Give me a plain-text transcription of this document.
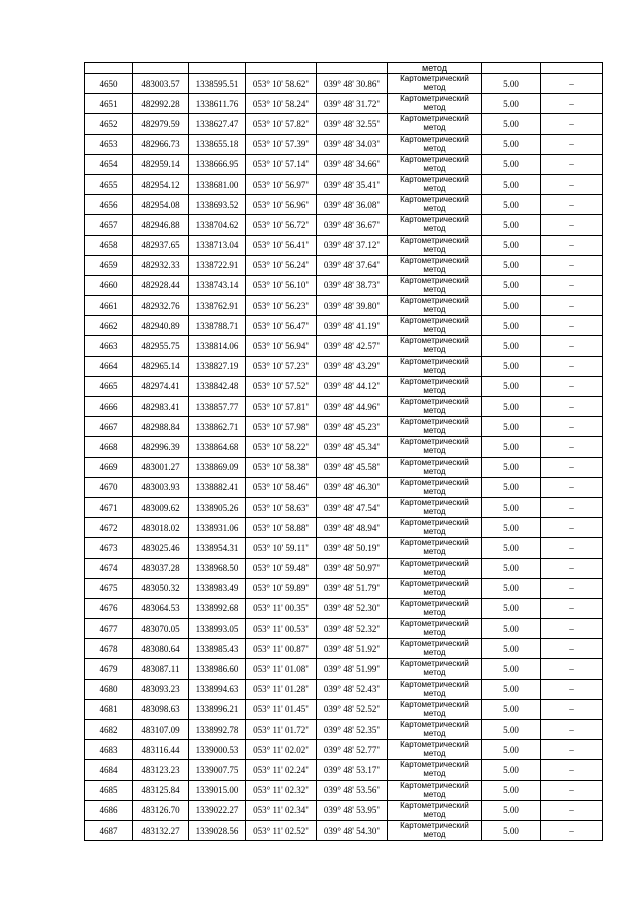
					метод		
4650	483003.57	1338595.51	053° 10' 58.62"	039° 48' 30.86"	Картометрический
метод	5.00	–
4651	482992.28	1338611.76	053° 10' 58.24"	039° 48' 31.72"	Картометрический
метод	5.00	–
4652	482979.59	1338627.47	053° 10' 57.82"	039° 48' 32.55"	Картометрический
метод	5.00	–
4653	482966.73	1338655.18	053° 10' 57.39"	039° 48' 34.03"	Картометрический
метод	5.00	–
4654	482959.14	1338666.95	053° 10' 57.14"	039° 48' 34.66"	Картометрический
метод	5.00	–
4655	482954.12	1338681.00	053° 10' 56.97"	039° 48' 35.41"	Картометрический
метод	5.00	–
4656	482954.08	1338693.52	053° 10' 56.96"	039° 48' 36.08"	Картометрический
метод	5.00	–
4657	482946.88	1338704.62	053° 10' 56.72"	039° 48' 36.67"	Картометрический
метод	5.00	–
4658	482937.65	1338713.04	053° 10' 56.41"	039° 48' 37.12"	Картометрический
метод	5.00	–
4659	482932.33	1338722.91	053° 10' 56.24"	039° 48' 37.64"	Картометрический
метод	5.00	–
4660	482928.44	1338743.14	053° 10' 56.10"	039° 48' 38.73"	Картометрический
метод	5.00	–
4661	482932.76	1338762.91	053° 10' 56.23"	039° 48' 39.80"	Картометрический
метод	5.00	–
4662	482940.89	1338788.71	053° 10' 56.47"	039° 48' 41.19"	Картометрический
метод	5.00	–
4663	482955.75	1338814.06	053° 10' 56.94"	039° 48' 42.57"	Картометрический
метод	5.00	–
4664	482965.14	1338827.19	053° 10' 57.23"	039° 48' 43.29"	Картометрический
метод	5.00	–
4665	482974.41	1338842.48	053° 10' 57.52"	039° 48' 44.12"	Картометрический
метод	5.00	–
4666	482983.41	1338857.77	053° 10' 57.81"	039° 48' 44.96"	Картометрический
метод	5.00	–
4667	482988.84	1338862.71	053° 10' 57.98"	039° 48' 45.23"	Картометрический
метод	5.00	–
4668	482996.39	1338864.68	053° 10' 58.22"	039° 48' 45.34"	Картометрический
метод	5.00	–
4669	483001.27	1338869.09	053° 10' 58.38"	039° 48' 45.58"	Картометрический
метод	5.00	–
4670	483003.93	1338882.41	053° 10' 58.46"	039° 48' 46.30"	Картометрический
метод	5.00	–
4671	483009.62	1338905.26	053° 10' 58.63"	039° 48' 47.54"	Картометрический
метод	5.00	–
4672	483018.02	1338931.06	053° 10' 58.88"	039° 48' 48.94"	Картометрический
метод	5.00	–
4673	483025.46	1338954.31	053° 10' 59.11"	039° 48' 50.19"	Картометрический
метод	5.00	–
4674	483037.28	1338968.50	053° 10' 59.48"	039° 48' 50.97"	Картометрический
метод	5.00	–
4675	483050.32	1338983.49	053° 10' 59.89"	039° 48' 51.79"	Картометрический
метод	5.00	–
4676	483064.53	1338992.68	053° 11' 00.35"	039° 48' 52.30"	Картометрический
метод	5.00	–
4677	483070.05	1338993.05	053° 11' 00.53"	039° 48' 52.32"	Картометрический
метод	5.00	–
4678	483080.64	1338985.43	053° 11' 00.87"	039° 48' 51.92"	Картометрический
метод	5.00	–
4679	483087.11	1338986.60	053° 11' 01.08"	039° 48' 51.99"	Картометрический
метод	5.00	–
4680	483093.23	1338994.63	053° 11' 01.28"	039° 48' 52.43"	Картометрический
метод	5.00	–
4681	483098.63	1338996.21	053° 11' 01.45"	039° 48' 52.52"	Картометрический
метод	5.00	–
4682	483107.09	1338992.78	053° 11' 01.72"	039° 48' 52.35"	Картометрический
метод	5.00	–
4683	483116.44	1339000.53	053° 11' 02.02"	039° 48' 52.77"	Картометрический
метод	5.00	–
4684	483123.23	1339007.75	053° 11' 02.24"	039° 48' 53.17"	Картометрический
метод	5.00	–
4685	483125.84	1339015.00	053° 11' 02.32"	039° 48' 53.56"	Картометрический
метод	5.00	–
4686	483126.70	1339022.27	053° 11' 02.34"	039° 48' 53.95"	Картометрический
метод	5.00	–
4687	483132.27	1339028.56	053° 11' 02.52"	039° 48' 54.30"	Картометрический
метод	5.00	–
